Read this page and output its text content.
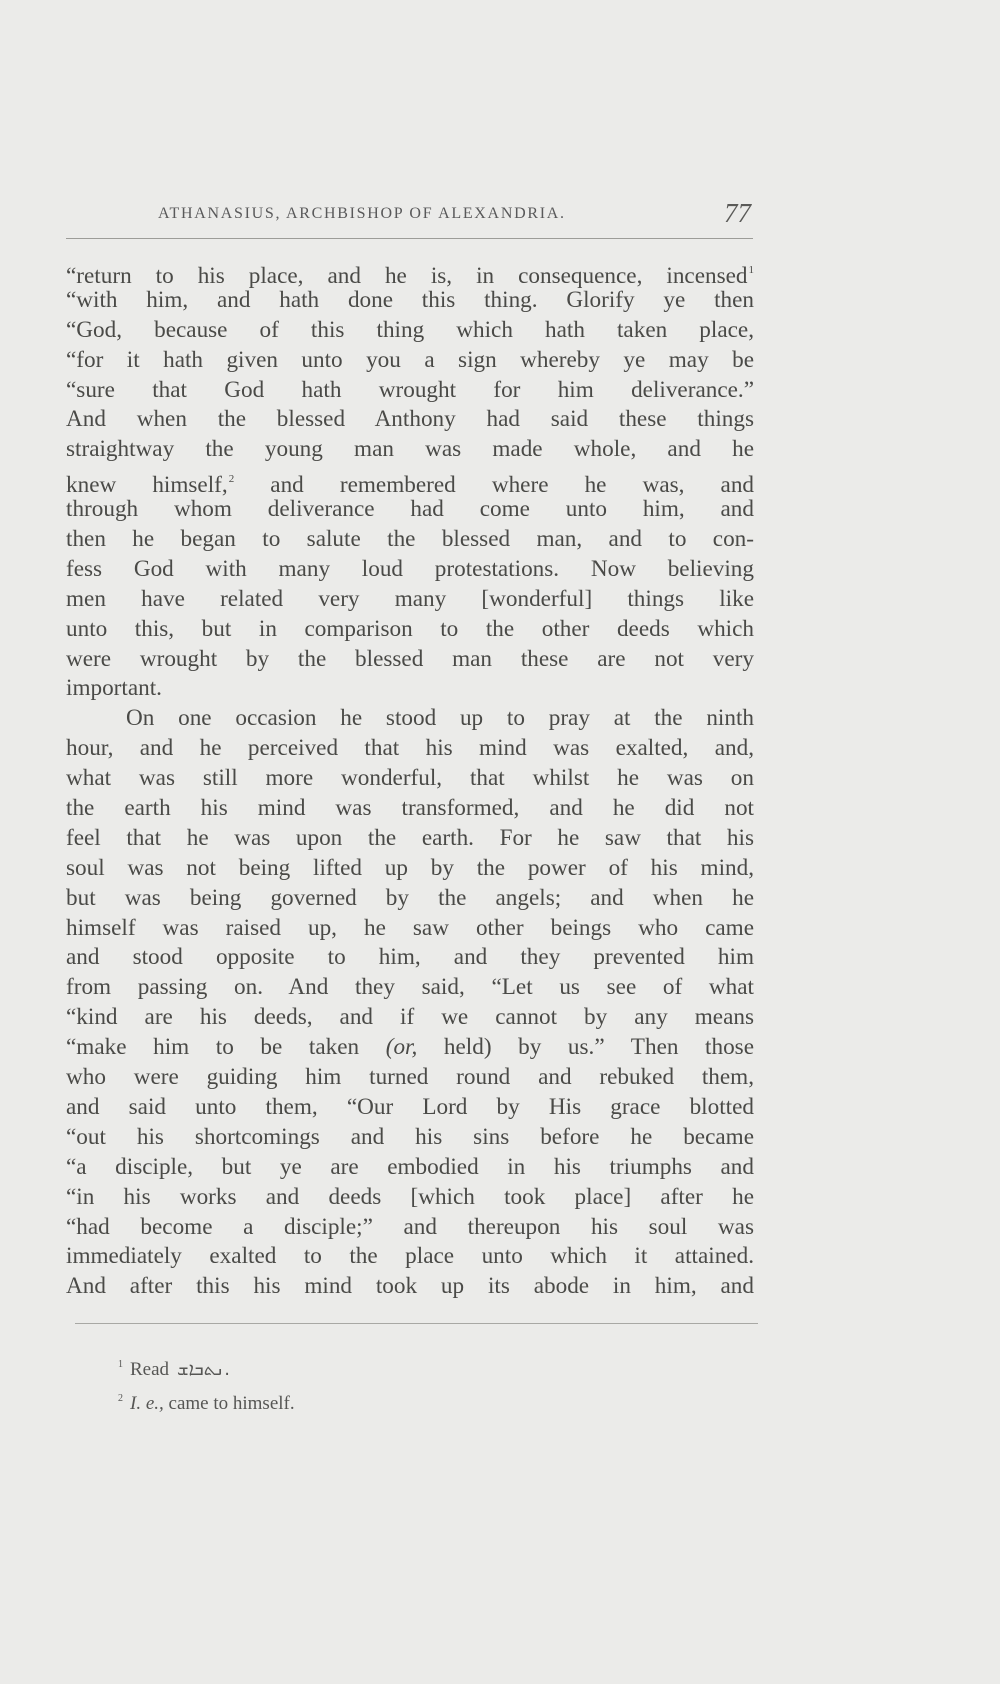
ATHANASIUS, ARCHBISHOP OF ALEXANDRIA.	77
“return to his place, and he is, in consequence, incensed$^1$
“with him, and hath done this thing. Glorify ye then
“God, because of this thing which hath taken place,
“for it hath given unto you a sign whereby ye may be
“sure that God hath wrought for him deliverance.”
And when the blessed Anthony had said these things
straightway the young man was made whole, and he
knew himself,$^2$ and remembered where he was, and
through whom deliverance had come unto him, and
then he began to salute the blessed man, and to con-
fess God with many loud protestations. Now believing
men have related very many [wonderful] things like
unto this, but in comparison to the other deeds which
were wrought by the blessed man these are not very
important.
On one occasion he stood up to pray at the ninth
hour, and he perceived that his mind was exalted, and,
what was still more wonderful, that whilst he was on
the earth his mind was transformed, and he did not
feel that he was upon the earth. For he saw that his
soul was not being lifted up by the power of his mind,
but was being governed by the angels; and when he
himself was raised up, he saw other beings who came
and stood opposite to him, and they prevented him
from passing on. And they said, “Let us see of what
“kind are his deeds, and if we cannot by any means
“make him to be taken (or, held) by us.” Then those
who were guiding him turned round and rebuked them,
and said unto them, “Our Lord by His grace blotted
“out his shortcomings and his sins before he became
“a disciple, but ye are embodied in his triumphs and
“in his works and deeds [which took place] after he
“had become a disciple;” and thereupon his soul was
immediately exalted to the place unto which it attained.
And after this his mind took up its abode in him, and
$^1$ Read ܢܬܒܐܫ.
$^2$ I. e., came to himself.
